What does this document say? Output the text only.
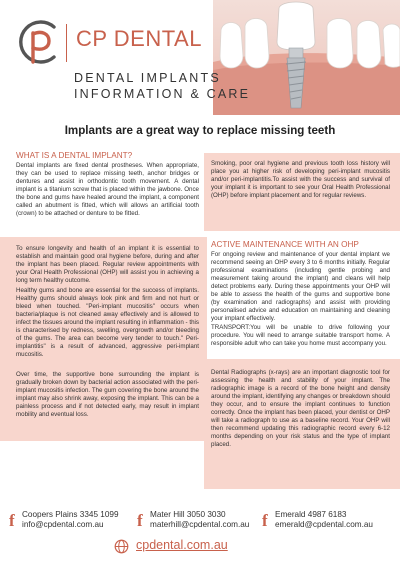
CP DENTAL
DENTAL IMPLANTS
INFORMATION & CARE
Implants are a great way to replace missing teeth
WHAT IS A DENTAL IMPLANT?

Dental implants are fixed dental prostheses. When appropriate, they can be used to replace missing teeth, anchor bridges or dentures and assist in orthodontic tooth movement. A dental implant is a titanium screw that is placed within the jawbone. Once the bone and gums have healed around the implant, a component called an abutment is fitted, which will allows an artificial tooth (crown) to be attached or denture to be fitted.

To ensure longevity and health of an implant it is essential to establish and maintain good oral hygiene before, during and after the implant has been placed. Regular review appointments with your Oral Health Professional (OHP) will assist you in achieving a long term healthy outcome.

Healthy gums and bone are essential for the success of implants. Healthy gums should always look pink and firm and not hurt or bleed when touched. "Peri-implant mucositis" occurs when bacteria/plaque is not cleaned away effectively and is allowed to infect the tissues around the implant resulting in inflammation - this is characterised by redness, swelling, overgrowth and/or bleeding of the gums. The area can become very tender to touch." Peri-implantitis" is a result of advanced, aggressive peri-implant mucositis.

Over time, the supportive bone surrounding the implant is gradually broken down by bacterial action associated with the peri-implant mucositis infection. The gum covering the bone around the implant may also shrink away, exposing the implant. This can be a painless process and if not detected early, may result in implant mobility and eventual loss.

Smoking, poor oral hygiene and previous tooth loss history will place you at higher risk of developing peri-implant mucositis and/or peri-implantitis.To assist with the success and survival of your implant it is important to see your Oral Health Professional (OHP) before implant placement and for regular reviews.

ACTIVE MAINTENANCE WITH AN OHP

For ongoing review and maintenance of your dental implant we recommend seeing an OHP every 3 to 6 months initially. Regular professional examinations (including gentle probing and measurement taking around the implant) and cleans will help detect problems early. During these appointments your OHP will be able to assess the health of the gums and supportive bone (by examination and radiographs) and assist with providing personalised advice and education on maintaining and cleaning your implant effectively.

TRANSPORT:You will be unable to drive following your procedure. You will need to arrange suitable transport home. A responsible adult who can take you home must accompany you.

Dental Radiographs (x-rays) are an important diagnostic tool for assessing the health and stability of your implant. The radiographic image is a record of the bone height and density around the implant, identifying any changes or breakdown should they occur, and to ensure the implant continues to function correctly. Once the implant has been placed, your dentist or OHP will take a radiograph to use as a baseline record. Your OHP will then recommend updating this radiographic record every 6-12 months depending on your risk status and the type of implant placed.

f Coopers Plains 3345 1099
info@cpdental.com.au f Mater Hill 3050 3030
materhill@cpdental.com.au f Emerald 4987 6183
emerald@cpdental.com.au
cpdental.com.au
